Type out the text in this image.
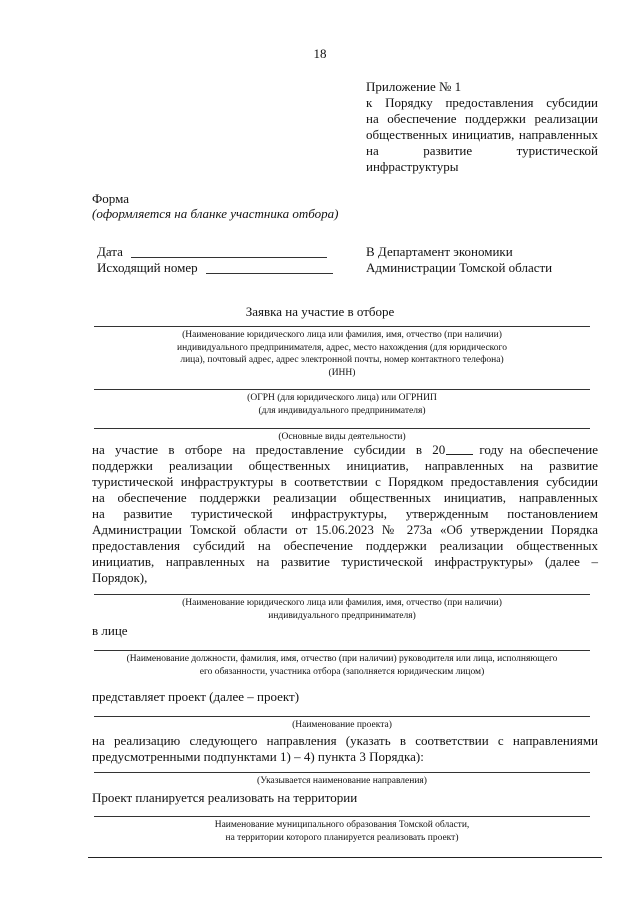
18
Приложение № 1
к Порядку предоставления субсидии
на обеспечение поддержки реализации
общественных инициатив, направленных
на развитие туристической
инфраструктуры
Форма
(оформляется на бланке участника отбора)
Дата
Исходящий номер
В Департамент экономики
Администрации Томской области
Заявка на участие в отборе
(Наименование юридического лица или фамилия, имя, отчество (при наличии)
индивидуального предпринимателя, адрес, место нахождения (для юридического
лица), почтовый адрес, адрес электронной почты, номер контактного телефона)
(ИНН)
(ОГРН (для юридического лица) или ОГРНИП
(для индивидуального предпринимателя)
(Основные виды деятельности)
на участие в отборе на предоставление субсидии в 20	году на обеспечение
поддержки реализации общественных инициатив, направленных на развитие
туристической инфраструктуры в соответствии с Порядком предоставления субсидии
на обеспечение поддержки реализации общественных инициатив, направленных
на развитие туристической инфраструктуры, утвержденным постановлением
Администрации Томской области от 15.06.2023 № 273а «Об утверждении Порядка
предоставления субсидий на обеспечение поддержки реализации общественных
инициатив, направленных на развитие туристической инфраструктуры» (далее –
Порядок),
(Наименование юридического лица или фамилия, имя, отчество (при наличии)
индивидуального предпринимателя)
в лице
(Наименование должности, фамилия, имя, отчество (при наличии) руководителя или лица, исполняющего
его обязанности, участника отбора (заполняется юридическим лицом)
представляет проект (далее – проект)
(Наименование проекта)
на реализацию следующего направления (указать в соответствии с направлениями
предусмотренными подпунктами 1) – 4) пункта 3 Порядка):
(Указывается наименование направления)
Проект планируется реализовать на территории
Наименование муниципального образования Томской области,
на территории которого планируется реализовать проект)
